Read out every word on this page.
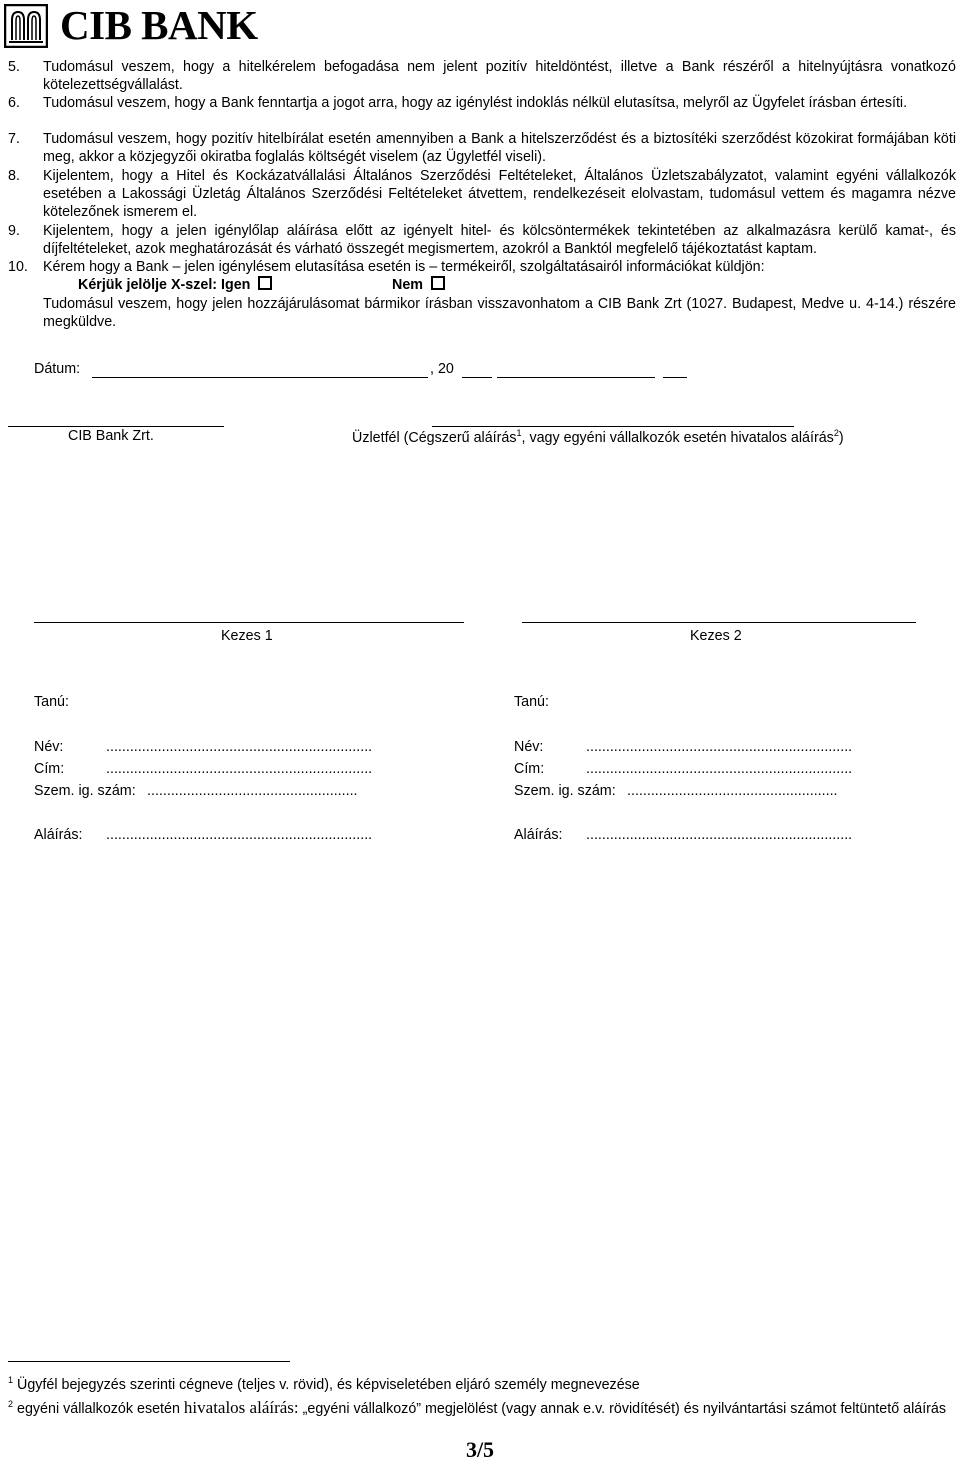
CIB BANK
5.	Tudomásul veszem, hogy a hitelkérelem befogadása nem jelent pozitív hiteldöntést, illetve a Bank részéről a hitelnyújtásra vonatkozó kötelezettségvállalást.
6.	Tudomásul veszem, hogy a Bank fenntartja a jogot arra, hogy az igénylést indoklás nélkül elutasítsa, melyről az Ügyfelet írásban értesíti.
7.	Tudomásul veszem, hogy pozitív hitelbírálat esetén amennyiben a Bank a hitelszerződést és a biztosítéki szerződést közokirat formájában köti meg, akkor a közjegyzői okiratba foglalás költségét viselem (az Ügyletfél viseli).
8.	Kijelentem, hogy a Hitel és Kockázatvállalási Általános Szerződési Feltételeket, Általános Üzletszabályzatot, valamint egyéni vállalkozók esetében a Lakossági Üzletág Általános Szerződési Feltételeket átvettem, rendelkezéseit elolvastam, tudomásul vettem és magamra nézve kötelezőnek ismerem el.
9.	Kijelentem, hogy a jelen igénylőlap aláírása előtt az igényelt hitel- és kölcsöntermékek tekintetében az alkalmazásra kerülő kamat-, és díjfeltételeket, azok meghatározását és várható összegét megismertem, azokról a Banktól megfelelő tájékoztatást kaptam.
10.	Kérem hogy a Bank – jelen igénylésem elutasítása esetén is – termékeiről, szolgáltatásairól információkat küldjön:
Kérjük jelölje X-szel: Igen	Nem
Tudomásul veszem, hogy jelen hozzájárulásomat bármikor írásban visszavonhatom a CIB Bank Zrt (1027. Budapest, Medve u. 4-14.) részére megküldve.
Dátum:	, 20
CIB Bank Zrt.	Üzletfél (Cégszerű aláírás$^1$, vagy egyéni vállalkozók esetén hivatalos aláírás$^2$)
Kezes 1	Kezes 2
Tanú:
Név:	...................................................................
Cím:	...................................................................
Szem. ig. szám: .....................................................
Aláírás: ...................................................................
Tanú:
Név:	...................................................................
Cím:	...................................................................
Szem. ig. szám: .....................................................
Aláírás: ...................................................................
$^1$ Ügyfél bejegyzés szerinti cégneve (teljes v. rövid), és képviseletében eljáró személy megnevezése
$^2$ egyéni vállalkozók esetén hivatalos aláírás: „egyéni vállalkozó” megjelölést (vagy annak e.v. rövidítését) és nyilvántartási számot feltüntető aláírás
3/5
